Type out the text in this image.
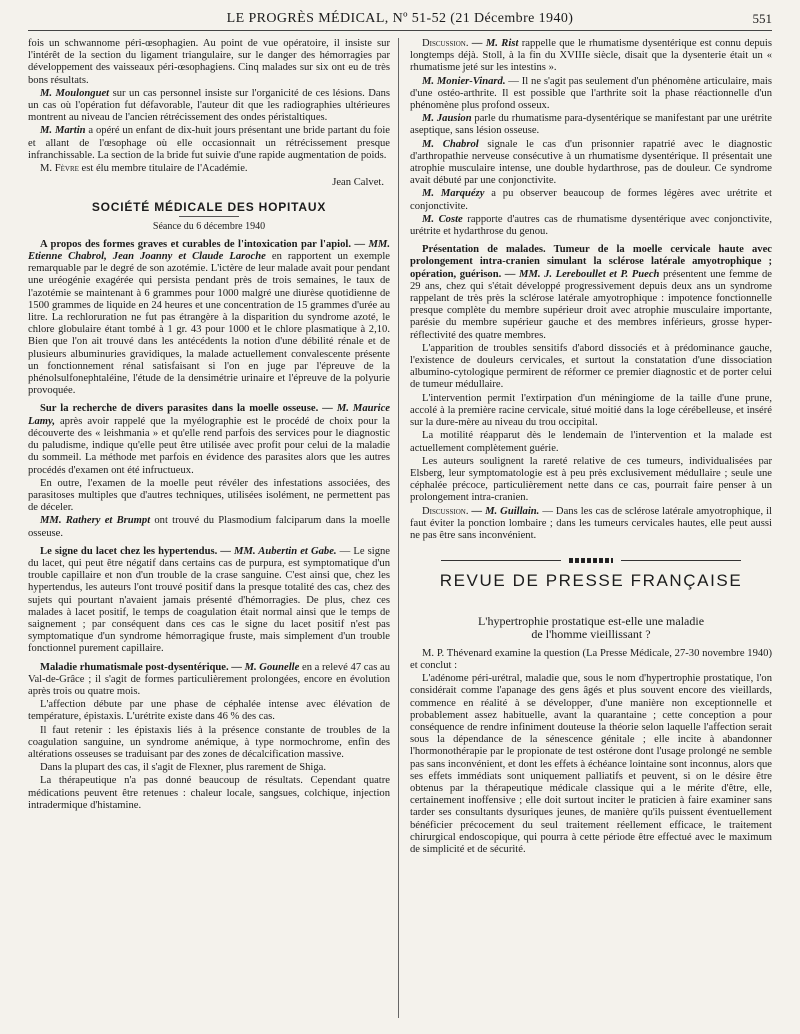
LE PROGRÈS MÉDICAL, Nº 51-52 (21 Décembre 1940)	551

fois un schwannome péri-œsophagien. Au point de vue opératoire, il insiste sur l'intérêt de la section du ligament triangulaire, sur le danger des hémorragies par développement des vaisseaux péri-œsophagiens. Cinq malades sur six ont eu de très bons résultats.

M. Moulonguet sur un cas personnel insiste sur l'organicité de ces lésions. Dans un cas où l'opération fut défavorable, l'auteur dit que les radiographies ultérieures montrent au niveau de l'ancien rétrécissement des ondes péristaltiques.

M. Martin a opéré un enfant de dix-huit jours présentant une bride partant du foie et allant de l'œsophage où elle occasionnait un rétrécissement presque infranchissable. La section de la bride fut suivie d'une rapide augmentation de poids.

M. Fèvre est élu membre titulaire de l'Académie.

Jean Calvet.
SOCIÉTÉ MÉDICALE DES HOPITAUX
Séance du 6 décembre 1940

A propos des formes graves et curables de l'intoxication par l'apiol. — MM. Etienne Chabrol, Jean Joanny et Claude Laroche en rapportent un exemple remarquable par le degré de son azotémie. L'ictère de leur malade avait pour pendant une uréogénie exagérée qui persista pendant près de trois semaines, le taux de l'azotémie se maintenant à 6 grammes pour 1000 malgré une diurèse quotidienne de 1500 grammes de liquide en 24 heures et une concentration de 15 grammes d'urée au litre. La rechloruration ne fut pas étrangère à la disparition du syndrome azoté, le chlore globulaire étant tombé à 1 gr. 43 pour 1000 et le chlore plasmatique à 2,10. Bien que l'on ait trouvé dans les antécédents la notion d'une débilité rénale et de plusieurs albuminuries gravidiques, la malade actuellement convalescente présente un fonctionnement rénal satisfaisant si l'on en juge par l'épreuve de la phénolsulfonephtaléine, l'étude de la densimétrie urinaire et l'épreuve de la polyurie provoquée.

Sur la recherche de divers parasites dans la moelle osseuse. — M. Maurice Lamy, après avoir rappelé que la myélographie est le procédé de choix pour la découverte des « leishmania » et qu'elle rend parfois des services pour le diagnostic du paludisme, indique qu'elle peut être utilisée avec profit pour celui de la maladie du sommeil. La méthode met parfois en évidence des parasites alors que les autres procédés d'examen ont été infructueux.

En outre, l'examen de la moelle peut révéler des infestations associées, des parasitoses multiples que d'autres techniques, utilisées isolément, ne permettent pas de déceler.

MM. Rathery et Brumpt ont trouvé du Plasmodium falciparum dans la moelle osseuse.

Le signe du lacet chez les hypertendus. — MM. Aubertin et Gabe. — Le signe du lacet, qui peut être négatif dans certains cas de purpura, est symptomatique d'un trouble capillaire et non d'un trouble de la crase sanguine. C'est ainsi que, chez les hypertendus, les auteurs l'ont trouvé positif dans la presque totalité des cas, chez des sujets qui pourtant n'avaient jamais présenté d'hémorragies. De plus, chez ces malades à lacet positif, le temps de coagulation était normal ainsi que le temps de saignement ; par conséquent dans ces cas le signe du lacet positif n'est pas symptomatique d'un syndrome hémorragique fruste, mais simplement d'un trouble fonctionnel purement capillaire.

Maladie rhumatismale post-dysentérique. — M. Gounelle en a relevé 47 cas au Val-de-Grâce ; il s'agit de formes particulièrement prolongées, encore en évolution après trois ou quatre mois.

L'affection débute par une phase de céphalée intense avec élévation de température, épistaxis. L'urétrite existe dans 46 % des cas.

Il faut retenir : les épistaxis liés à la présence constante de troubles de la coagulation sanguine, un syndrome anémique, à type normochrome, enfin des altérations osseuses se traduisant par des zones de décalcification massive.

Dans la plupart des cas, il s'agit de Flexner, plus rarement de Shiga.

La thérapeutique n'a pas donné beaucoup de résultats. Cependant quatre médications peuvent être retenues : chaleur locale, sangsues, colchique, injection intradermique d'histamine.

Discussion. — M. Rist rappelle que le rhumatisme dysentérique est connu depuis longtemps déjà. Stoll, à la fin du XVIIIe siècle, disait que la dysenterie était un « rhumatisme jeté sur les intestins ».

M. Monier-Vinard. — Il ne s'agit pas seulement d'un phénomène articulaire, mais d'une ostéo-arthrite. Il est possible que l'arthrite soit la phase réactionnelle d'un phénomène plus profond osseux.

M. Jausion parle du rhumatisme para-dysentérique se manifestant par une urétrite aseptique, sans lésion osseuse.

M. Chabrol signale le cas d'un prisonnier rapatrié avec le diagnostic d'arthropathie nerveuse consécutive à un rhumatisme dysentérique. Il présentait une atrophie musculaire intense, une double hydarthrose, pas de douleur. Ce syndrome avait débuté par une conjonctivite.

M. Marquézy a pu observer beaucoup de formes légères avec urétrite et conjonctivite.

M. Coste rapporte d'autres cas de rhumatisme dysentérique avec conjonctivite, urétrite et hydarthrose du genou.

Présentation de malades. Tumeur de la moelle cervicale haute avec prolongement intra-cranien simulant la sclérose latérale amyotrophique ; opération, guérison. — MM. J. Lereboullet et P. Puech présentent une femme de 29 ans, chez qui s'était développé progressivement depuis deux ans un syndrome rappelant de très près la sclérose latérale amyotrophique : impotence fonctionnelle presque complète du membre supérieur droit avec atrophie musculaire importante, parésie du membre supérieur gauche et des membres inférieurs, grosse hyper-réflectivité des quatre membres.

L'apparition de troubles sensitifs d'abord dissociés et à prédominance gauche, l'existence de douleurs cervicales, et surtout la constatation d'une dissociation albumino-cytologique permirent de réformer ce premier diagnostic et de porter celui de tumeur médullaire.

L'intervention permit l'extirpation d'un méningiome de la taille d'une prune, accolé à la première racine cervicale, situé moitié dans la loge cérébelleuse, et inséré sur la dure-mère au niveau du trou occipital.

La motilité réapparut dès le lendemain de l'intervention et la malade est actuellement complètement guérie.

Les auteurs soulignent la rareté relative de ces tumeurs, individualisées par Elsberg, leur symptomatologie est à peu près exclusivement médullaire ; seule une céphalée précoce, particulièrement nette dans ce cas, pourrait faire penser à un prolongement intra-cranien.

Discussion. — M. Guillain. — Dans les cas de sclérose latérale amyotrophique, il faut éviter la ponction lombaire ; dans les tumeurs cervicales hautes, elle peut aussi ne pas être sans inconvénient.

REVUE DE PRESSE FRANÇAISE
L'hypertrophie prostatique est-elle une maladie
de l'homme vieillissant ?

M. P. Thévenard examine la question (La Presse Médicale, 27-30 novembre 1940) et conclut :

L'adénome péri-urétral, maladie que, sous le nom d'hypertrophie prostatique, l'on considérait comme l'apanage des gens âgés et plus souvent encore des vieillards, commence en réalité à se développer, d'une manière non exceptionnelle et probablement assez habituelle, avant la quarantaine ; cette conception a pour conséquence de rendre infiniment douteuse la théorie selon laquelle l'affection serait sous la dépendance de la sénescence génitale ; elle incite à abandonner l'hormonothérapie par le propionate de test ostérone dont l'usage prolongé ne semble pas sans inconvénient, et dont les effets à échéance lointaine sont inconnus, alors que ses effets immédiats sont uniquement palliatifs et peuvent, si on le désire être obtenus par la thérapeutique médicale classique qui a le mérite d'être, elle, certainement inoffensive ; elle doit surtout inciter le praticien à faire examiner sans tarder ses consultants dysuriques jeunes, de manière qu'ils puissent éventuellement bénéficier précocement du seul traitement réellement efficace, le traitement chirurgical endoscopique, qui pourra à cette période être effectué avec le maximum de simplicité et de sécurité.
